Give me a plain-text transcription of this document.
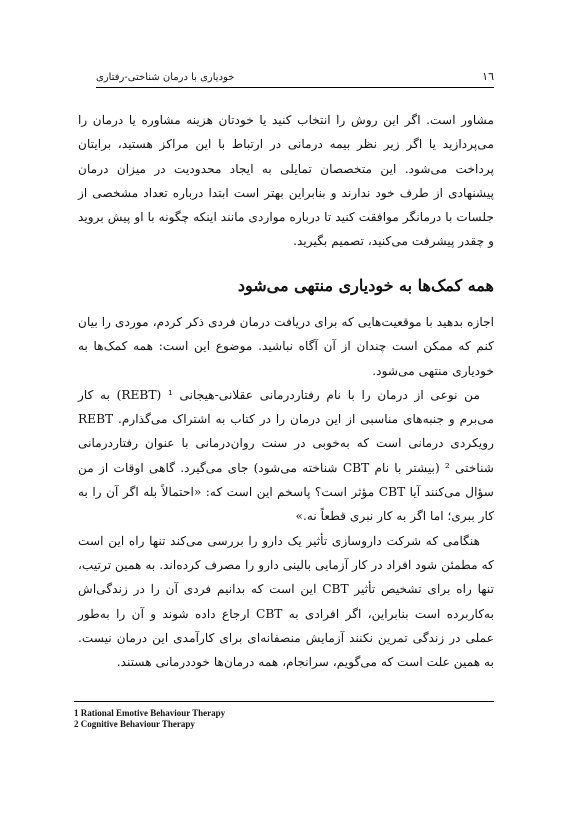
خودیاری با درمان شناختی-رفتاری	١٦

مشاور است. اگر این روش را انتخاب کنید یا خودتان هزینه مشاوره یا درمان را می‌پردازید یا اگر زیر نظر بیمه درمانی در ارتباط با این مراکز هستید، برایتان پرداخت می‌شود. این متخصصان تمایلی به ایجاد محدودیت در میزان درمان پیشنهادی از طرف خود ندارند و بنابراین بهتر است ابتدا درباره تعداد مشخصی از جلسات با درمانگر موافقت کنید تا درباره مواردی مانند اینکه چگونه با او پیش بروید و چقدر پیشرفت می‌کنید، تصمیم بگیرید.

همه کمک‌ها به خودیاری منتهی می‌شود

اجازه بدهید با موقعیت‌هایی که برای دریافت درمان فردی ذکر کردم، موردی را بیان کنم که ممکن است چندان از آن آگاه نباشید. موضوع این است: همه کمک‌ها به خودیاری منتهی می‌شود.

من نوعی از درمان را با نام رفتاردرمانی عقلانی-هیجانی ¹ (REBT) به کار می‌برم و جنبه‌های مناسبی از این درمان را در کتاب به اشتراک می‌گذارم. REBT رویکردی درمانی است که به‌خوبی در سنت روان‌درمانی با عنوان رفتاردرمانی شناختی ² (بیشتر با نام CBT شناخته می‌شود) جای می‌گیرد. گاهی اوقات از من سؤال می‌کنند آیا CBT مؤثر است؟ پاسخم این است که: «احتمالاً بله اگر آن را به کار ببری؛ اما اگر به کار نبری قطعاً نه.»

هنگامی که شرکت داروسازی تأثیر یک دارو را بررسی می‌کند تنها راه این است که مطمئن شود افراد در کار آزمایی بالینی دارو را مصرف کرده‌اند. به همین ترتیب، تنها راه برای تشخیص تأثیر CBT این است که بدانیم فردی آن را در زندگی‌اش به‌کاربرده است بنابراین، اگر افرادی به CBT ارجاع داده شوند و آن را به‌طور عملی در زندگی تمرین نکنند آزمایش منصفانه‌ای برای کارآمدی این درمان نیست. به همین علت است که می‌گویم، سرانجام، همه درمان‌ها خوددرمانی هستند.

1 Rational Emotive Behaviour Therapy
2 Cognitive Behaviour Therapy
